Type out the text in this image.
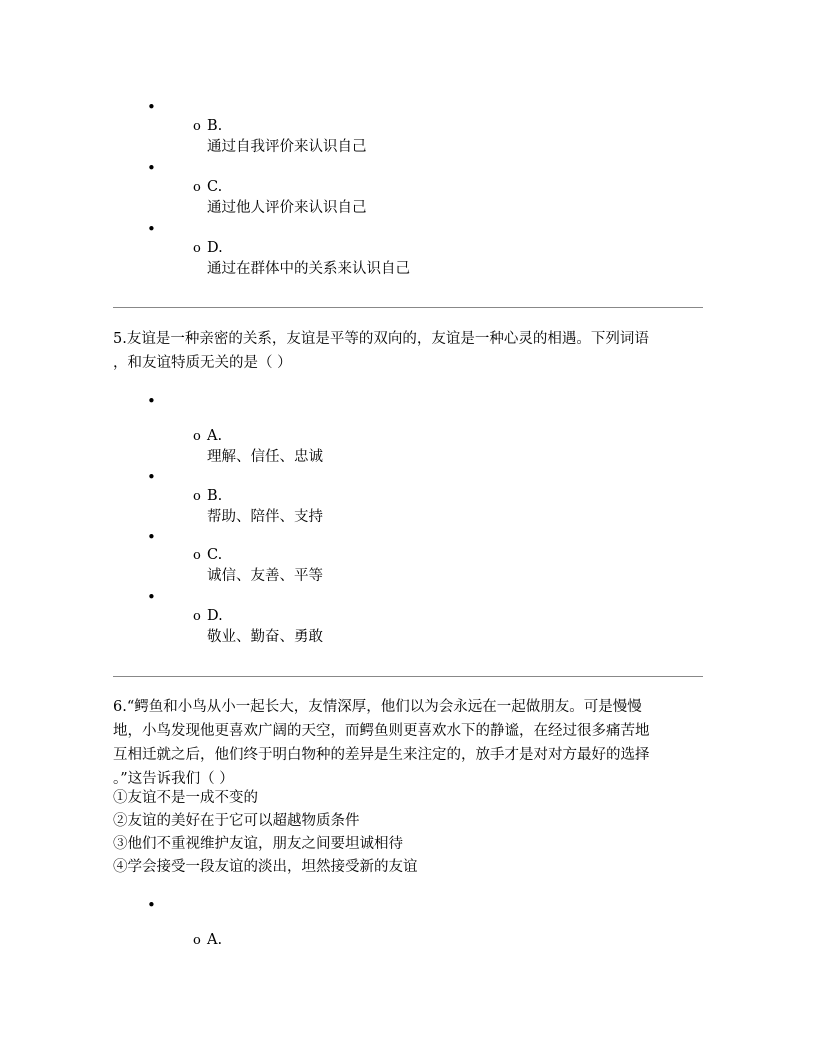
•
o B.
通过自我评价来认识自己
•
o C.
通过他人评价来认识自己
•
o D.
通过在群体中的关系来认识自己
5.友谊是一种亲密的关系，友谊是平等的双向的，友谊是一种心灵的相遇。下列词语
，和友谊特质无关的是（ ）
•
o A.
理解、信任、忠诚
•
o B.
帮助、陪伴、支持
•
o C.
诚信、友善、平等
•
o D.
敬业、勤奋、勇敢
6.“鳄鱼和小鸟从小一起长大，友情深厚，他们以为会永远在一起做朋友。可是慢慢
地，小鸟发现他更喜欢广阔的天空，而鳄鱼则更喜欢水下的静谧，在经过很多痛苦地
互相迁就之后，他们终于明白物种的差异是生来注定的，放手才是对对方最好的选择
。”这告诉我们（ ）
①友谊不是一成不变的
②友谊的美好在于它可以超越物质条件
③他们不重视维护友谊，朋友之间要坦诚相待
④学会接受一段友谊的淡出，坦然接受新的友谊
•
o A.
